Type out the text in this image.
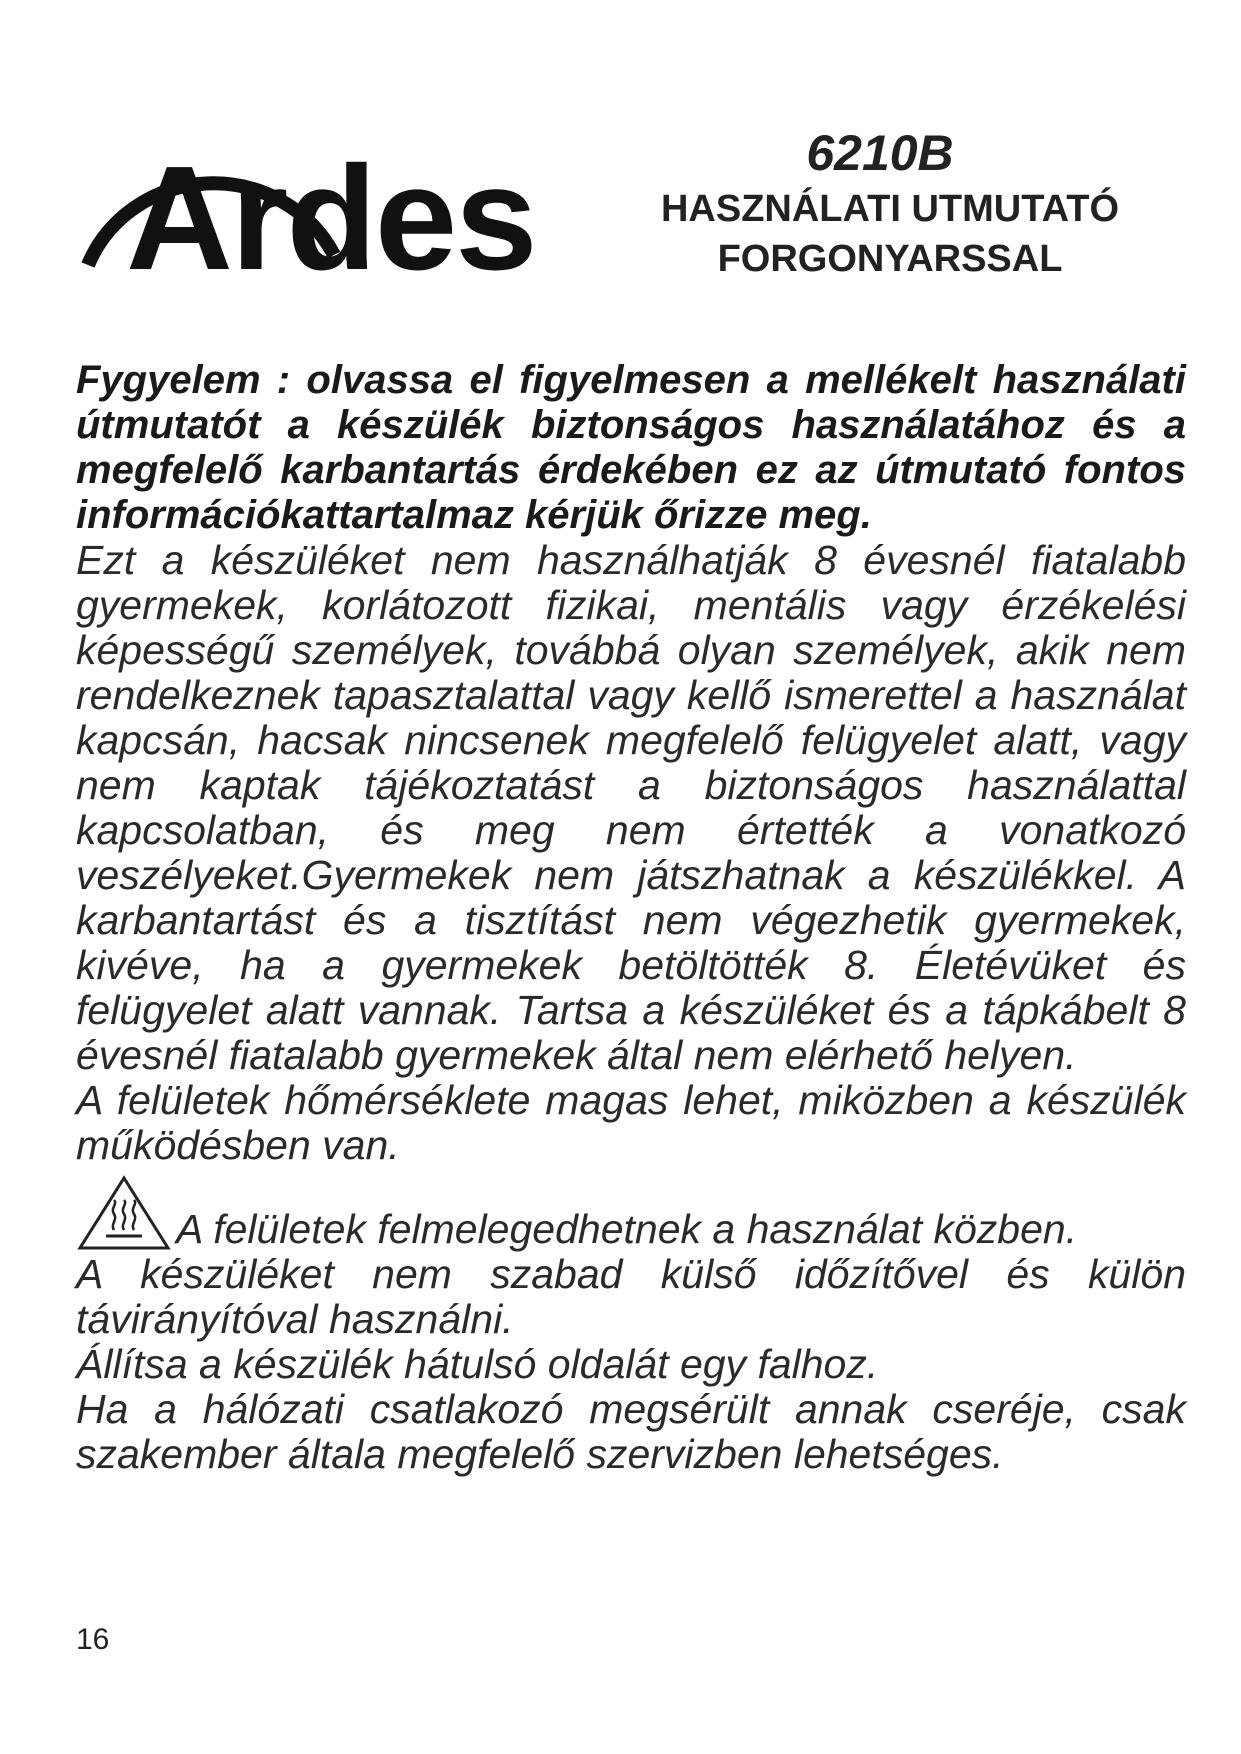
Ardes	6210B
HASZNÁLATI UTMUTATÓ
FORGONYARSSAL

Fygyelem : olvassa el figyelmesen a mellékelt használati útmutatót a készülék biztonságos használatához és a megfelelő karbantartás érdekében ez az útmutató fontos információkattartalmaz kérjük őrizze meg.

Ezt a készüléket nem használhatják 8 évesnél fiatalabb gyermekek, korlátozott fizikai, mentális vagy érzékelési képességű személyek, továbbá olyan személyek, akik nem rendelkeznek tapasztalattal vagy kellő ismerettel a használat kapcsán, hacsak nincsenek megfelelő felügyelet alatt, vagy nem kaptak tájékoztatást a biztonságos használattal kapcsolatban, és meg nem értették a vonatkozó veszélyeket.Gyermekek nem játszhatnak a készülékkel. A karbantartást és a tisztítást nem végezhetik gyermekek, kivéve, ha a gyermekek betöltötték 8. Életévüket és felügyelet alatt vannak. Tartsa a készüléket és a tápkábelt 8 évesnél fiatalabb gyermekek által nem elérhető helyen.

A felületek hőmérséklete magas lehet, miközben a készülék működésben van.

A felületek felmelegedhetnek a használat közben.

A készüléket nem szabad külső időzítővel és külön távirányítóval használni.

Állítsa a készülék hátulsó oldalát egy falhoz.

Ha a hálózati csatlakozó megsérült annak cseréje, csak szakember általa megfelelő szervizben lehetséges.

16
